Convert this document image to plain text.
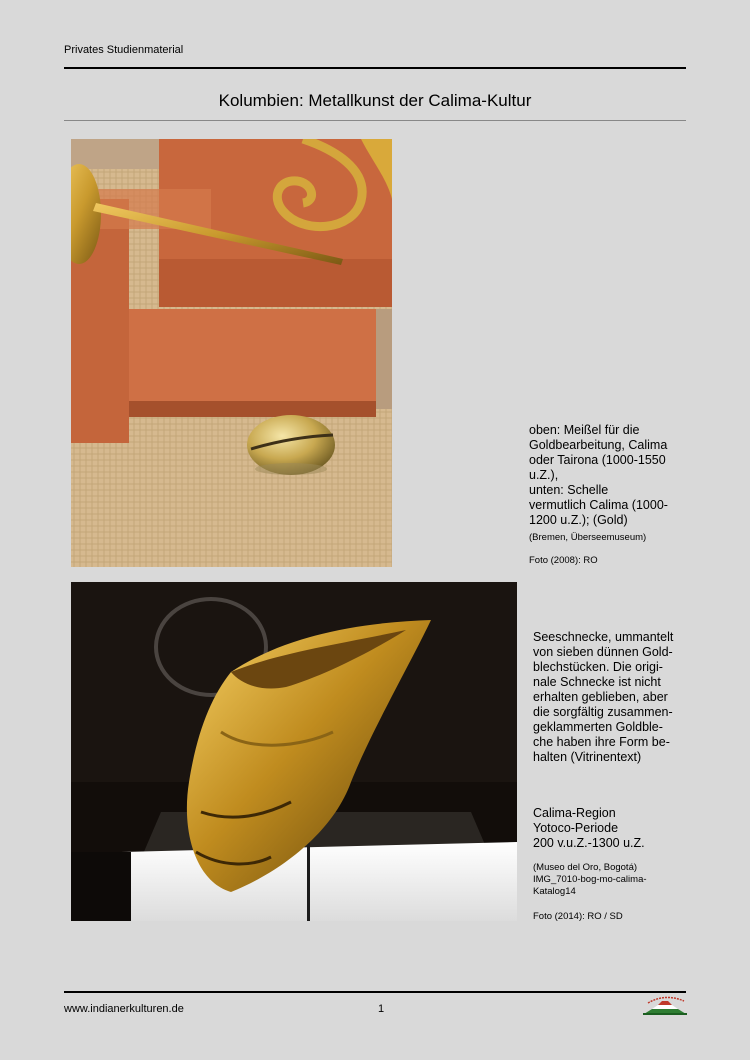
Privates Studienmaterial
Kolumbien: Metallkunst der Calima-Kultur
oben: Meißel für die
Goldbearbeitung, Calima
oder Tairona (1000-1550
u.Z.),
unten: Schelle
vermutlich Calima (1000-
1200 u.Z.); (Gold)
(Bremen, Überseemuseum)
Foto (2008): RO
Seeschnecke, ummantelt
von sieben dünnen Gold-
blechstücken. Die origi-
nale Schnecke ist nicht
erhalten geblieben, aber
die sorgfältig zusammen-
geklammerten Goldble-
che haben ihre Form be-
halten (Vitrinentext)
Calima-Region
Yotoco-Periode
200 v.u.Z.-1300 u.Z.
(Museo del Oro, Bogotá)
IMG_7010-bog-mo-calima-
Katalog14
Foto (2014): RO / SD
www.indianerkulturen.de	1
